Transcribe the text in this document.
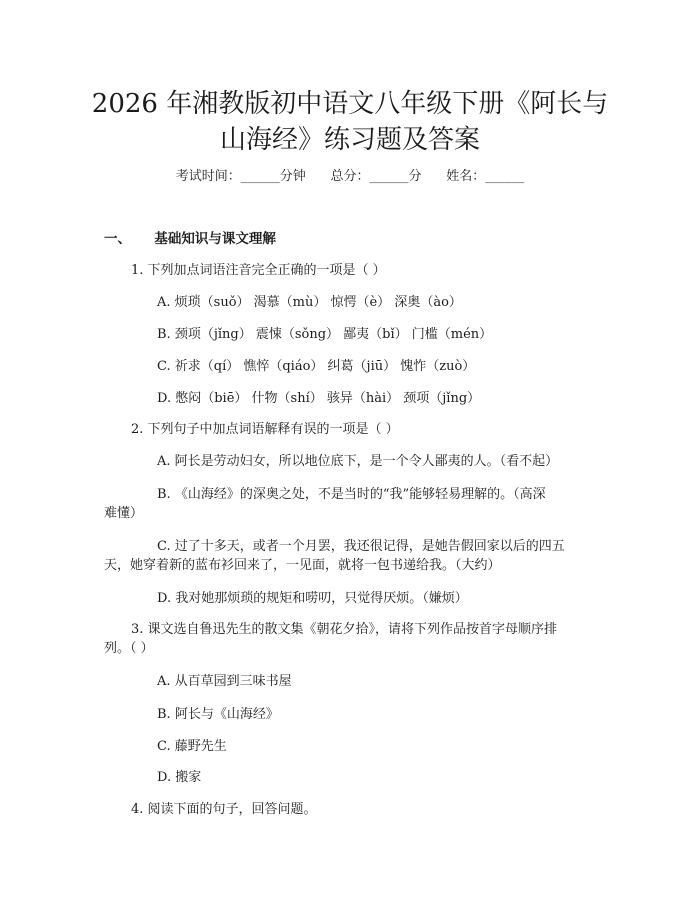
2026 年湘教版初中语文八年级下册《阿长与
山海经》练习题及答案
考试时间：______分钟      总分：______分      姓名：______
一、 基础知识与课文理解
1. 下列加点词语注音完全正确的一项是（ ）
A. 烦琐（suǒ） 渴慕（mù） 惊愕（è） 深奥（ào）
B. 颈项（jǐng） 震悚（sǒng） 鄙夷（bǐ） 门槛（mén）
C. 祈求（qí） 憔悴（qiáo） 纠葛（jiū） 愧怍（zuò）
D. 憋闷（biē） 什物（shí） 骇异（hài） 颈项（jǐng）
2. 下列句子中加点词语解释有误的一项是（ ）
A. 阿长是劳动妇女，所以地位底下，是一个令人鄙夷的人。（看不起）
B. 《山海经》的深奥之处，不是当时的“我”能够轻易理解的。（高深
难懂）
C. 过了十多天，或者一个月罢，我还很记得，是她告假回家以后的四五
天，她穿着新的蓝布衫回来了，一见面，就将一包书递给我。（大约）
D. 我对她那烦琐的规矩和唠叨，只觉得厌烦。（嫌烦）
3. 课文选自鲁迅先生的散文集《朝花夕拾》，请将下列作品按首字母顺序排
列。（ ）
A. 从百草园到三味书屋
B. 阿长与《山海经》
C. 藤野先生
D. 搬家
4. 阅读下面的句子，回答问题。
